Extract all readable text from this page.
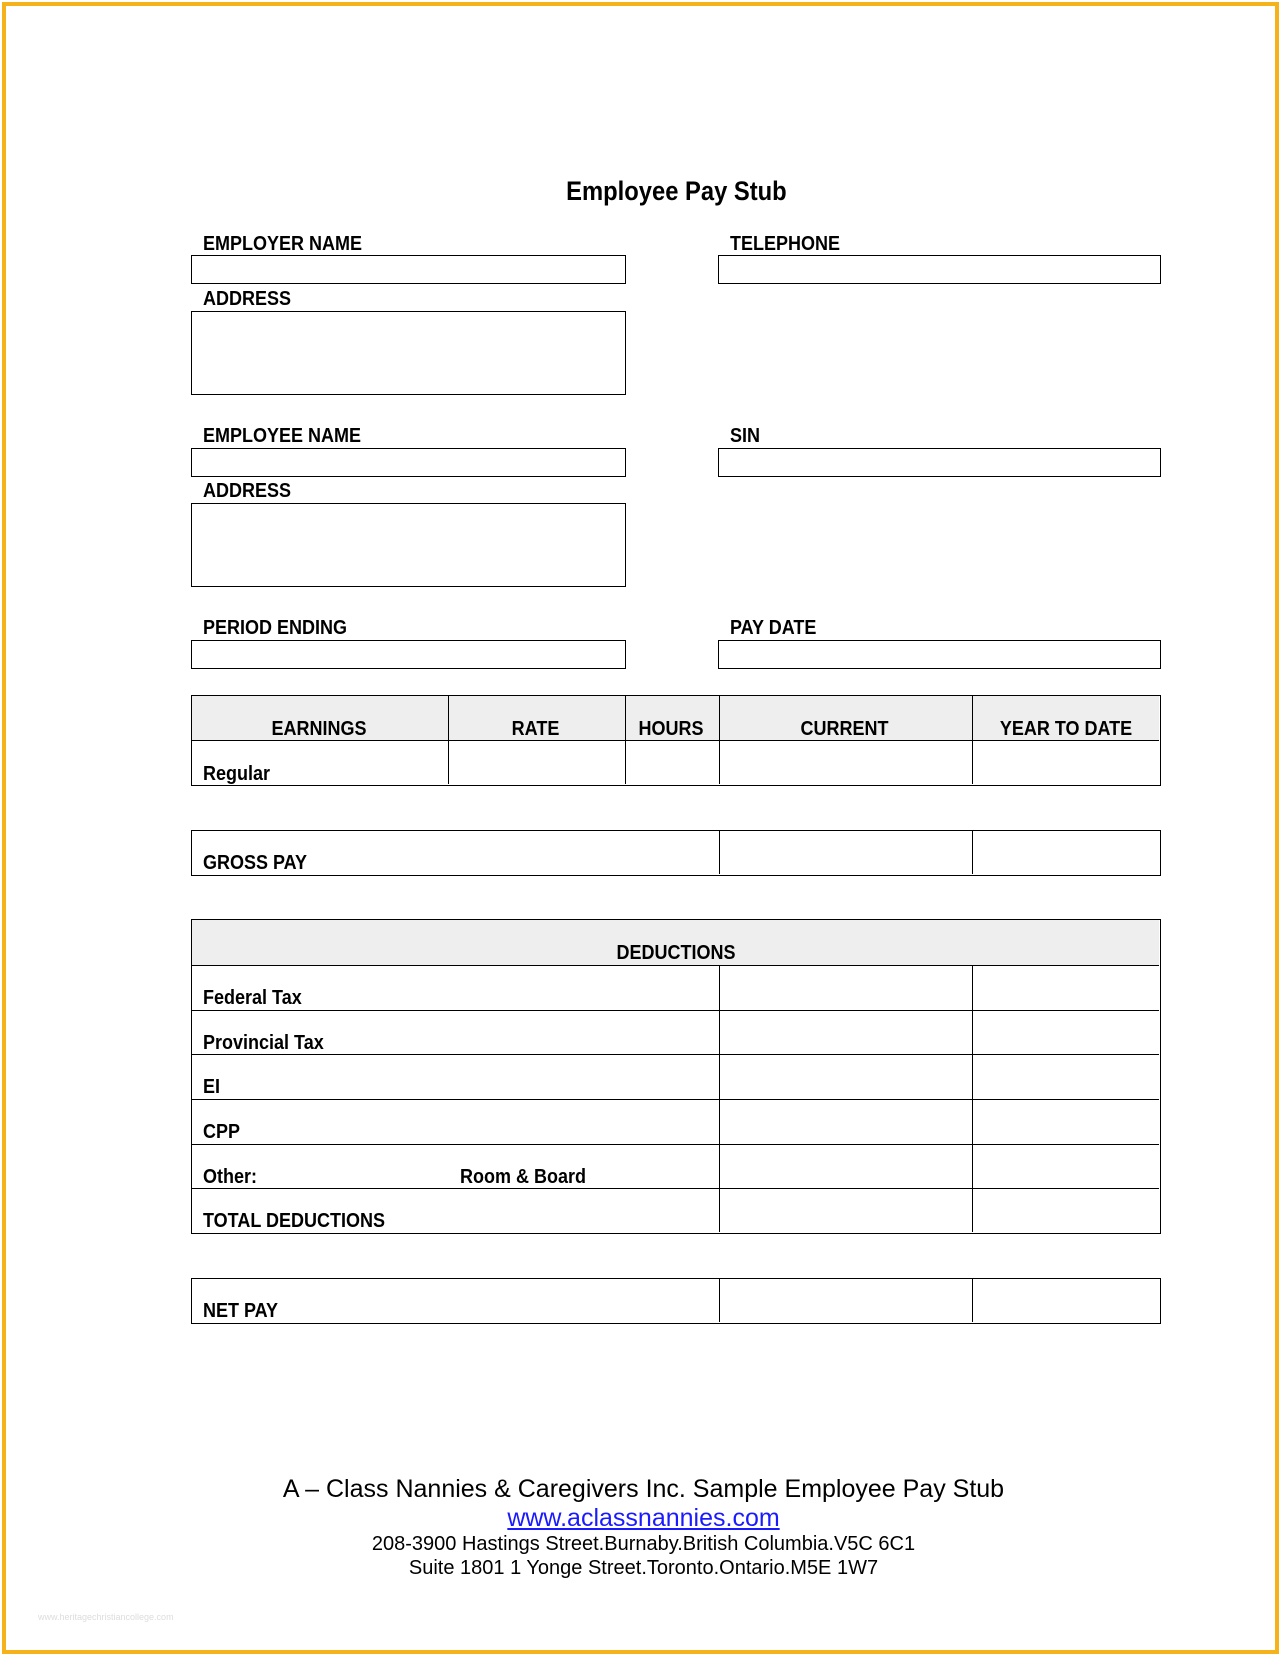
Employee Pay Stub
EMPLOYER NAME	TELEPHONE
ADDRESS
EMPLOYEE NAME	SIN
ADDRESS
PERIOD ENDING	PAY DATE
EARNINGS	RATE	HOURS	CURRENT	YEAR TO DATE
Regular
GROSS PAY
DEDUCTIONS
Federal Tax
Provincial Tax
EI
CPP
Other:	Room & Board
TOTAL DEDUCTIONS
NET PAY
A – Class Nannies & Caregivers Inc. Sample Employee Pay Stub
www.aclassnannies.com
208-3900 Hastings Street.Burnaby.British Columbia.V5C 6C1
Suite 1801 1 Yonge Street.Toronto.Ontario.M5E 1W7
www.heritagechristiancollege.com
